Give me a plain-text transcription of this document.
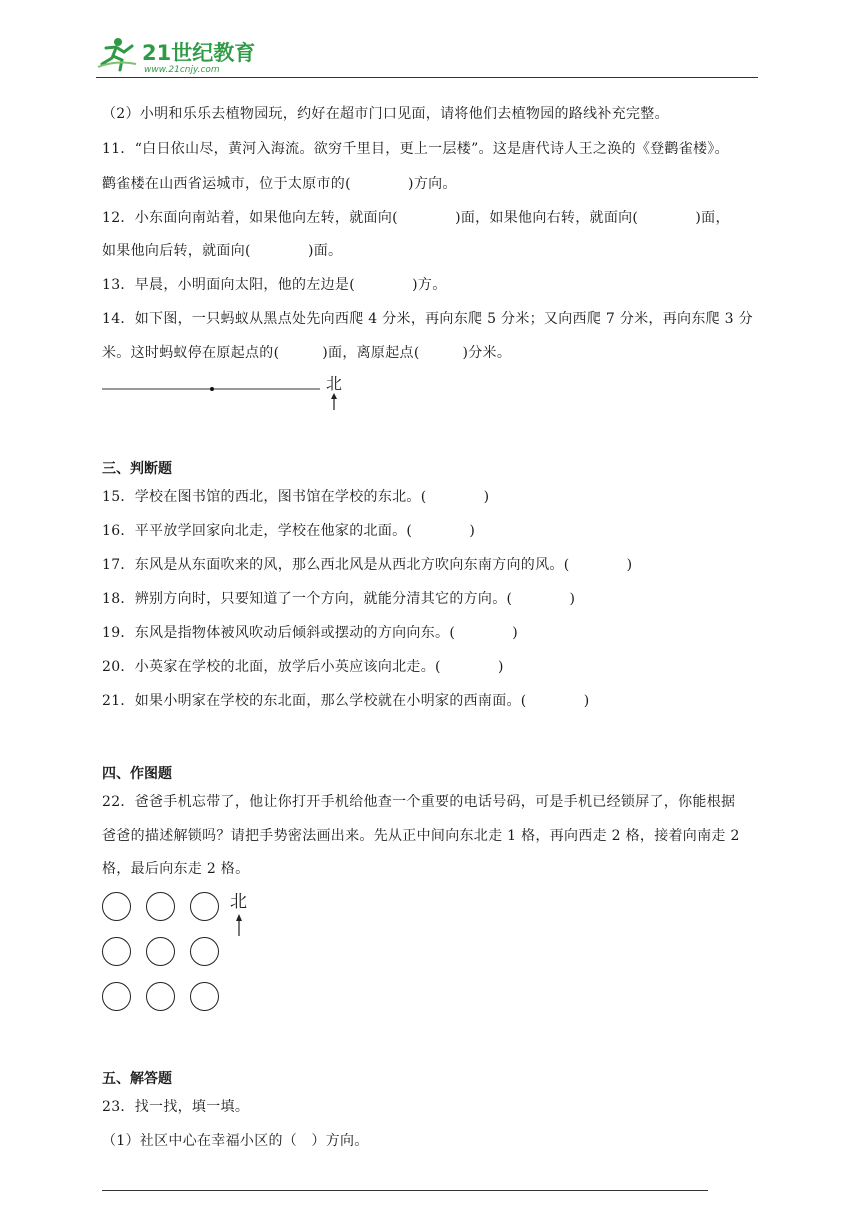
21世纪教育
www.21cnjy.com
（2）小明和乐乐去植物园玩，约好在超市门口见面，请将他们去植物园的路线补充完整。
11．“白日依山尽，黄河入海流。欲穷千里目，更上一层楼”。这是唐代诗人王之涣的《登鹳雀楼》。
鹳雀楼在山西省运城市，位于太原市的(　　　　)方向。
12．小东面向南站着，如果他向左转，就面向(　　　　)面，如果他向右转，就面向(　　　　)面，
如果他向后转，就面向(　　　　)面。
13．早晨，小明面向太阳，他的左边是(　　　　)方。
14．如下图，一只蚂蚁从黑点处先向西爬 4 分米，再向东爬 5 分米；又向西爬 7 分米，再向东爬 3 分
米。这时蚂蚁停在原起点的(　　　)面，离原起点(　　　)分米。
北
三、判断题
15．学校在图书馆的西北，图书馆在学校的东北。(　　　　)
16．平平放学回家向北走，学校在他家的北面。(　　　　)
17．东风是从东面吹来的风，那么西北风是从西北方吹向东南方向的风。(　　　　)
18．辨别方向时，只要知道了一个方向，就能分清其它的方向。(　　　　)
19．东风是指物体被风吹动后倾斜或摆动的方向向东。(　　　　)
20．小英家在学校的北面，放学后小英应该向北走。(　　　　)
21．如果小明家在学校的东北面，那么学校就在小明家的西南面。(　　　　)
四、作图题
22．爸爸手机忘带了，他让你打开手机给他查一个重要的电话号码，可是手机已经锁屏了，你能根据
爸爸的描述解锁吗？请把手势密法画出来。先从正中间向东北走 1 格，再向西走 2 格，接着向南走 2
格，最后向东走 2 格。
北
五、解答题
23．找一找，填一填。
（1）社区中心在幸福小区的（　）方向。
